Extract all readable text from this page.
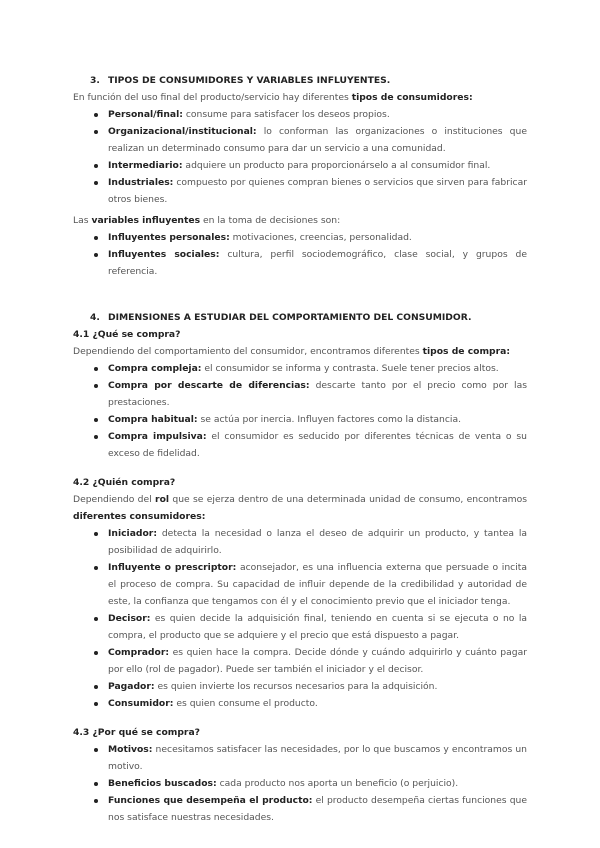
3. TIPOS DE CONSUMIDORES Y VARIABLES INFLUYENTES.

En función del uso final del producto/servicio hay diferentes tipos de consumidores:

Personal/final: consume para satisfacer los deseos propios.
Organizacional/institucional: lo conforman las organizaciones o instituciones que realizan un determinado consumo para dar un servicio a una comunidad.
Intermediario: adquiere un producto para proporcionárselo a al consumidor final.
Industriales: compuesto por quienes compran bienes o servicios que sirven para fabricar otros bienes.

Las variables influyentes en la toma de decisiones son:

Influyentes personales: motivaciones, creencias, personalidad.
Influyentes sociales: cultura, perfil sociodemográfico, clase social, y grupos de referencia.
4. DIMENSIONES A ESTUDIAR DEL COMPORTAMIENTO DEL CONSUMIDOR.
4.1 ¿Qué se compra?

Dependiendo del comportamiento del consumidor, encontramos diferentes tipos de compra:

Compra compleja: el consumidor se informa y contrasta. Suele tener precios altos.
Compra por descarte de diferencias: descarte tanto por el precio como por las prestaciones.
Compra habitual: se actúa por inercia. Influyen factores como la distancia.
Compra impulsiva: el consumidor es seducido por diferentes técnicas de venta o su exceso de fidelidad.
4.2 ¿Quién compra?

Dependiendo del rol que se ejerza dentro de una determinada unidad de consumo, encontramos diferentes consumidores:

Iniciador: detecta la necesidad o lanza el deseo de adquirir un producto, y tantea la posibilidad de adquirirlo.
Influyente o prescriptor: aconsejador, es una influencia externa que persuade o incita el proceso de compra. Su capacidad de influir depende de la credibilidad y autoridad de este, la confianza que tengamos con él y el conocimiento previo que el iniciador tenga.
Decisor: es quien decide la adquisición final, teniendo en cuenta si se ejecuta o no la compra, el producto que se adquiere y el precio que está dispuesto a pagar.
Comprador: es quien hace la compra. Decide dónde y cuándo adquirirlo y cuánto pagar por ello (rol de pagador). Puede ser también el iniciador y el decisor.
Pagador: es quien invierte los recursos necesarios para la adquisición.
Consumidor: es quien consume el producto.
4.3 ¿Por qué se compra?
Motivos: necesitamos satisfacer las necesidades, por lo que buscamos y encontramos un motivo.
Beneficios buscados: cada producto nos aporta un beneficio (o perjuicio).
Funciones que desempeña el producto: el producto desempeña ciertas funciones que nos satisface nuestras necesidades.
